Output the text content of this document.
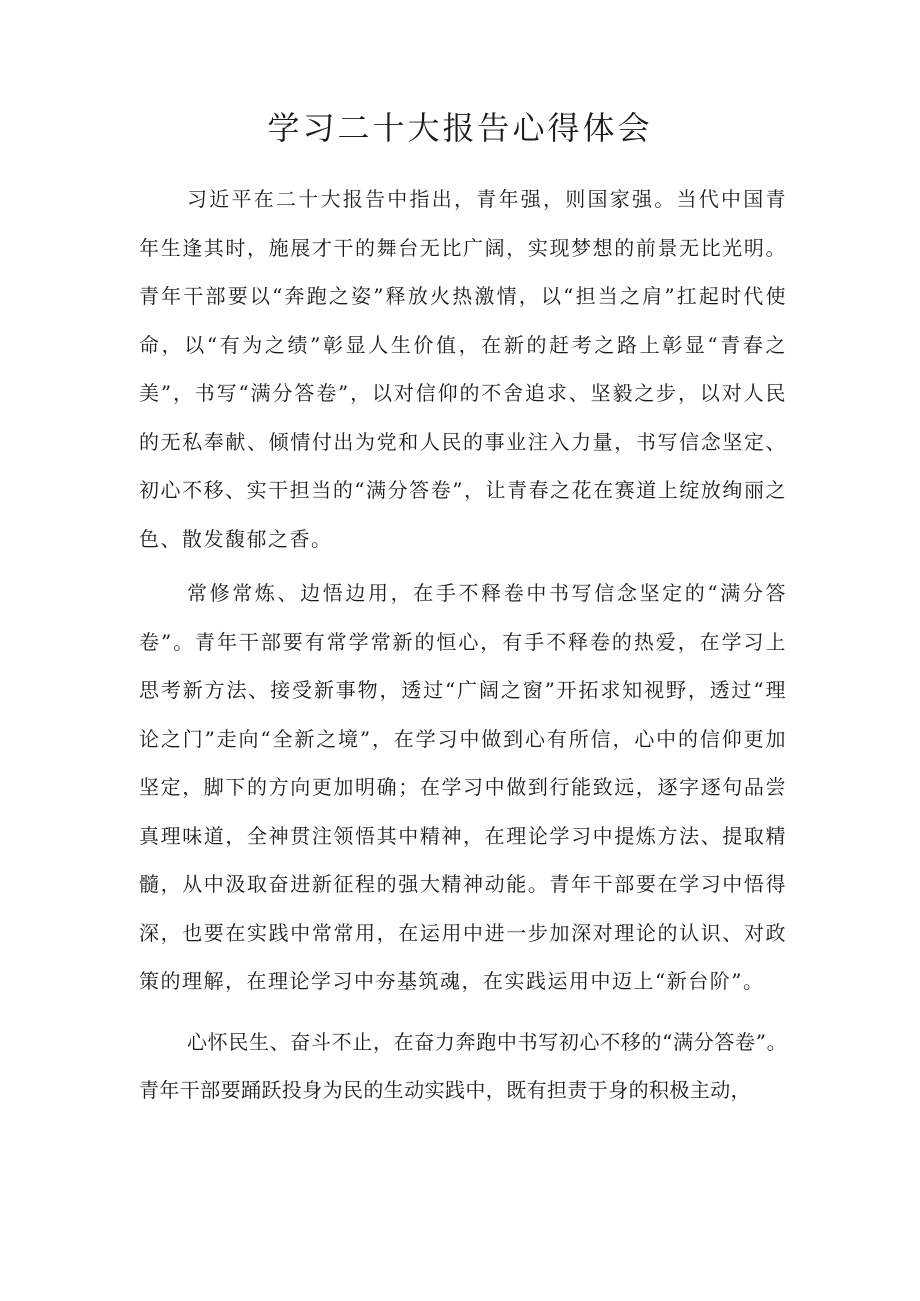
学习二十大报告心得体会

习近平在二十大报告中指出，青年强，则国家强。当代中国青年生逢其时，施展才干的舞台无比广阔，实现梦想的前景无比光明。青年干部要以“奔跑之姿”释放火热激情，以“担当之肩”扛起时代使命，以“有为之绩”彰显人生价值，在新的赶考之路上彰显“青春之美”，书写“满分答卷”，以对信仰的不舍追求、坚毅之步，以对人民的无私奉献、倾情付出为党和人民的事业注入力量，书写信念坚定、初心不移、实干担当的“满分答卷”，让青春之花在赛道上绽放绚丽之色、散发馥郁之香。

常修常炼、边悟边用，在手不释卷中书写信念坚定的“满分答卷”。青年干部要有常学常新的恒心，有手不释卷的热爱，在学习上思考新方法、接受新事物，透过“广阔之窗”开拓求知视野，透过“理论之门”走向“全新之境”，在学习中做到心有所信，心中的信仰更加坚定，脚下的方向更加明确；在学习中做到行能致远，逐字逐句品尝真理味道，全神贯注领悟其中精神，在理论学习中提炼方法、提取精髓，从中汲取奋进新征程的强大精神动能。青年干部要在学习中悟得深，也要在实践中常常用，在运用中进一步加深对理论的认识、对政策的理解，在理论学习中夯基筑魂，在实践运用中迈上“新台阶”。

心怀民生、奋斗不止，在奋力奔跑中书写初心不移的“满分答卷”。青年干部要踊跃投身为民的生动实践中，既有担责于身的积极主动，
